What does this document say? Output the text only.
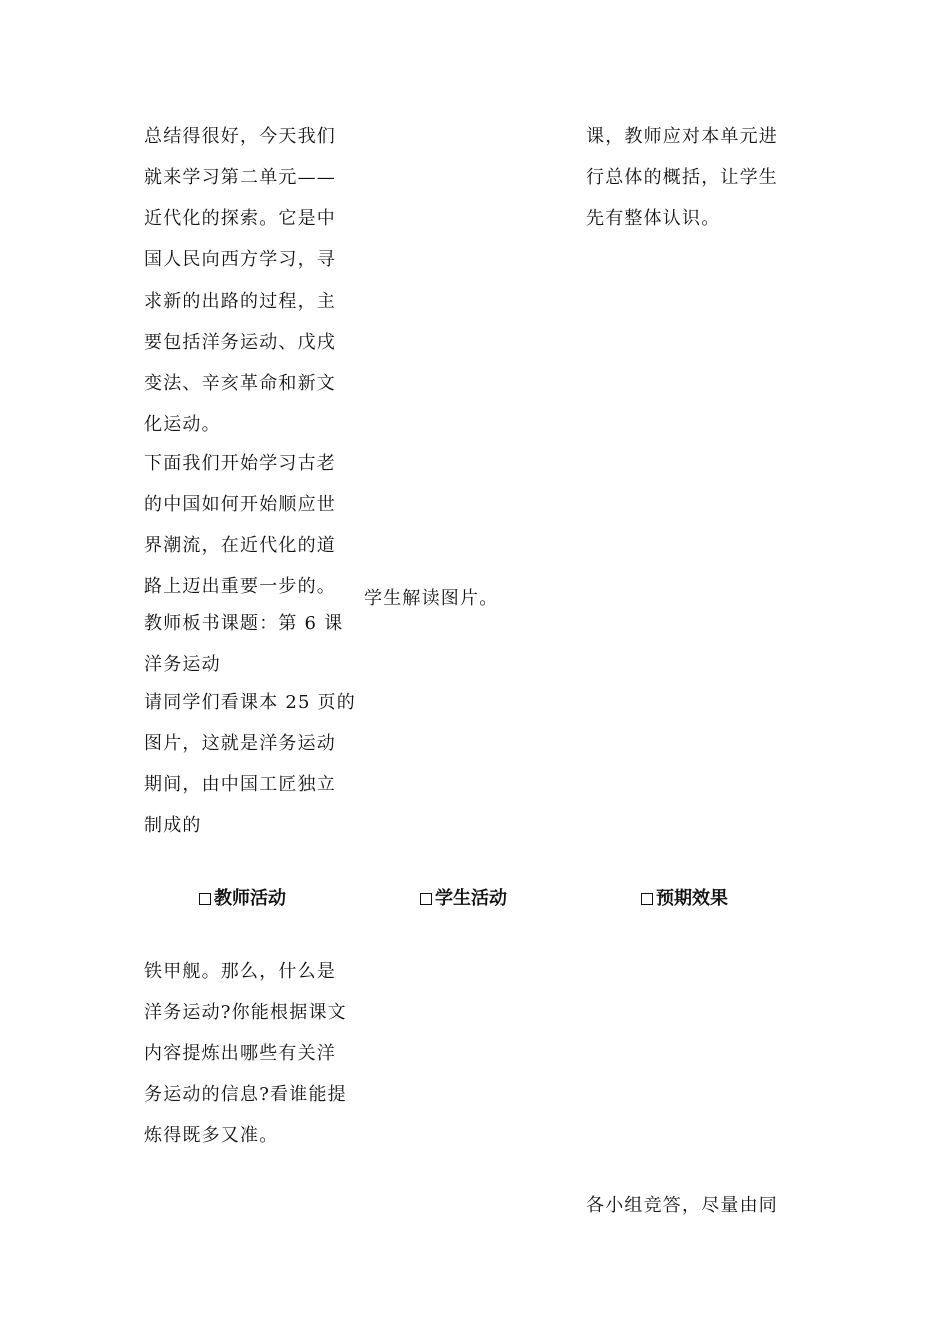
总结得很好，今天我们
就来学习第二单元——
近代化的探索。它是中
国人民向西方学习，寻
求新的出路的过程，主
要包括洋务运动、戊戌
变法、辛亥革命和新文
化运动。
下面我们开始学习古老
的中国如何开始顺应世
界潮流，在近代化的道
路上迈出重要一步的。
教师板书课题：第 6 课
洋务运动
请同学们看课本 25 页的
图片，这就是洋务运动
期间，由中国工匠独立
制成的
学生解读图片。
课，教师应对本单元进
行总体的概括，让学生
先有整体认识。
教师活动	学生活动	预期效果
铁甲舰。那么，什么是
洋务运动?你能根据课文
内容提炼出哪些有关洋
务运动的信息?看谁能提
炼得既多又准。
各小组竞答，尽量由同
